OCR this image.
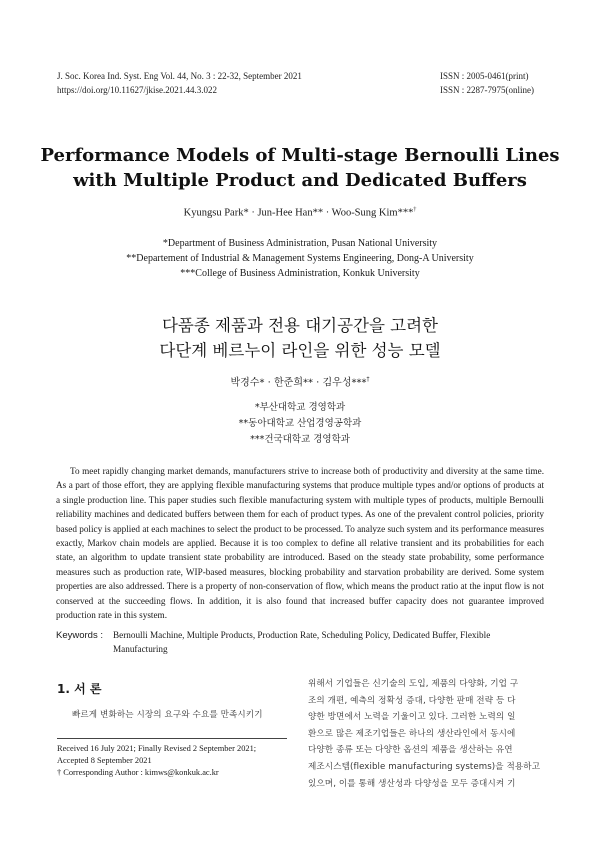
J. Soc. Korea Ind. Syst. Eng Vol. 44, No. 3 : 22-32, September 2021
https://doi.org/10.11627/jkise.2021.44.3.022
ISSN : 2005-0461(print)
ISSN : 2287-7975(online)
Performance Models of Multi-stage Bernoulli Lines
with Multiple Product and Dedicated Buffers
Kyungsu Park* · Jun-Hee Han** · Woo-Sung Kim***†
*Department of Business Administration, Pusan National University
**Departement of Industrial & Management Systems Engineering, Dong-A University
***College of Business Administration, Konkuk University
다품종 제품과 전용 대기공간을 고려한
다단계 베르누이 라인을 위한 성능 모델
박경수* · 한준희** · 김우성***†
*부산대학교 경영학과
**동아대학교 산업경영공학과
***건국대학교 경영학과
To meet rapidly changing market demands, manufacturers strive to increase both of productivity and diversity at the same time. As a part of those effort, they are applying flexible manufacturing systems that produce multiple types and/or options of products at a single production line. This paper studies such flexible manufacturing system with multiple types of products, multiple Bernoulli reliability machines and dedicated buffers between them for each of product types. As one of the prevalent control policies, priority based policy is applied at each machines to select the product to be processed. To analyze such system and its performance measures exactly, Markov chain models are applied. Because it is too complex to define all relative transient and its probabilities for each state, an algorithm to update transient state probability are introduced. Based on the steady state probability, some performance measures such as production rate, WIP-based measures, blocking probability and starvation probability are derived. Some system properties are also addressed. There is a property of non-conservation of flow, which means the product ratio at the input flow is not conserved at the succeeding flows. In addition, it is also found that increased buffer capacity does not guarantee improved production rate in this system.
Keywords : Bernoulli Machine, Multiple Products, Production Rate, Scheduling Policy, Dedicated Buffer, Flexible Manufacturing
1. 서 론
빠르게 변화하는 시장의 요구와 수요를 만족시키기
Received 16 July 2021; Finally Revised 2 September 2021;
Accepted 8 September 2021
† Corresponding Author : kimws@konkuk.ac.kr
위해서 기업들은 신기술의 도입, 제품의 다양화, 기업 구
조의 개편, 예측의 정확성 증대, 다양한 판매 전략 등 다
양한 방면에서 노력을 기울이고 있다. 그러한 노력의 일
환으로 많은 제조기업들은 하나의 생산라인에서 동시에
다양한 종류 또는 다양한 옵션의 제품을 생산하는 유연
제조시스템(flexible manufacturing systems)을 적용하고
있으며, 이를 통해 생산성과 다양성을 모두 증대시켜 기
